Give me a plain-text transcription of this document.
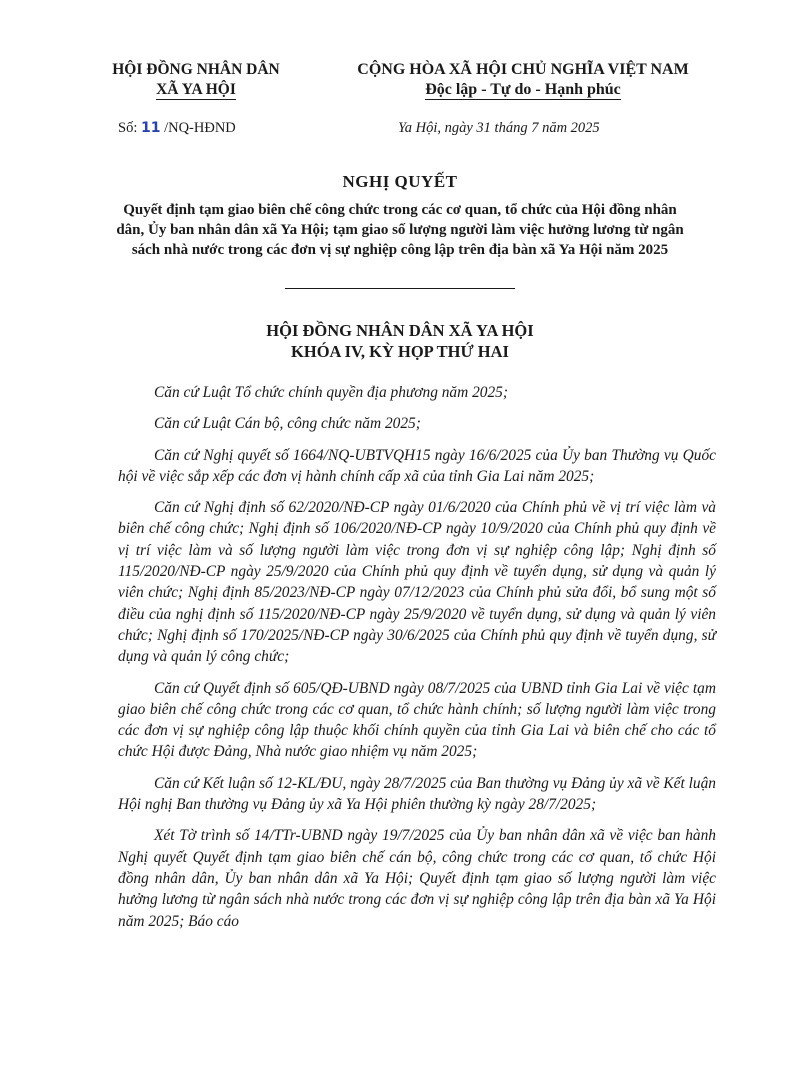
HỘI ĐỒNG NHÂN DÂN
XÃ YA HỘI
CỘNG HÒA XÃ HỘI CHỦ NGHĨA VIỆT NAM
Độc lập - Tự do - Hạnh phúc
Số: 11 /NQ-HĐND	Ya Hội, ngày 31 tháng 7 năm 2025
NGHỊ QUYẾT
Quyết định tạm giao biên chế công chức trong các cơ quan, tổ chức của Hội đồng nhân dân, Ủy ban nhân dân xã Ya Hội; tạm giao số lượng người làm việc hưởng lương từ ngân sách nhà nước trong các đơn vị sự nghiệp công lập trên địa bàn xã Ya Hội năm 2025
HỘI ĐỒNG NHÂN DÂN XÃ YA HỘI
KHÓA IV, KỲ HỌP THỨ HAI

Căn cứ Luật Tổ chức chính quyền địa phương năm 2025;

Căn cứ Luật Cán bộ, công chức năm 2025;

Căn cứ Nghị quyết số 1664/NQ-UBTVQH15 ngày 16/6/2025 của Ủy ban Thường vụ Quốc hội về việc sắp xếp các đơn vị hành chính cấp xã của tỉnh Gia Lai năm 2025;

Căn cứ Nghị định số 62/2020/NĐ-CP ngày 01/6/2020 của Chính phủ về vị trí việc làm và biên chế công chức; Nghị định số 106/2020/NĐ-CP ngày 10/9/2020 của Chính phủ quy định về vị trí việc làm và số lượng người làm việc trong đơn vị sự nghiệp công lập; Nghị định số 115/2020/NĐ-CP ngày 25/9/2020 của Chính phủ quy định về tuyển dụng, sử dụng và quản lý viên chức; Nghị định 85/2023/NĐ-CP ngày 07/12/2023 của Chính phủ sửa đổi, bổ sung một số điều của nghị định số 115/2020/NĐ-CP ngày 25/9/2020 về tuyển dụng, sử dụng và quản lý viên chức; Nghị định số 170/2025/NĐ-CP ngày 30/6/2025 của Chính phủ quy định về tuyển dụng, sử dụng và quản lý công chức;

Căn cứ Quyết định số 605/QĐ-UBND ngày 08/7/2025 của UBND tỉnh Gia Lai về việc tạm giao biên chế công chức trong các cơ quan, tổ chức hành chính; số lượng người làm việc trong các đơn vị sự nghiệp công lập thuộc khối chính quyền của tỉnh Gia Lai và biên chế cho các tổ chức Hội được Đảng, Nhà nước giao nhiệm vụ năm 2025;

Căn cứ Kết luận số 12-KL/ĐU, ngày 28/7/2025 của Ban thường vụ Đảng ủy xã về Kết luận Hội nghị Ban thường vụ Đảng ủy xã Ya Hội phiên thường kỳ ngày 28/7/2025;

Xét Tờ trình số 14/TTr-UBND ngày 19/7/2025 của Ủy ban nhân dân xã về việc ban hành Nghị quyết Quyết định tạm giao biên chế cán bộ, công chức trong các cơ quan, tổ chức Hội đồng nhân dân, Ủy ban nhân dân xã Ya Hội; Quyết định tạm giao số lượng người làm việc hưởng lương từ ngân sách nhà nước trong các đơn vị sự nghiệp công lập trên địa bàn xã Ya Hội năm 2025; Báo cáo
